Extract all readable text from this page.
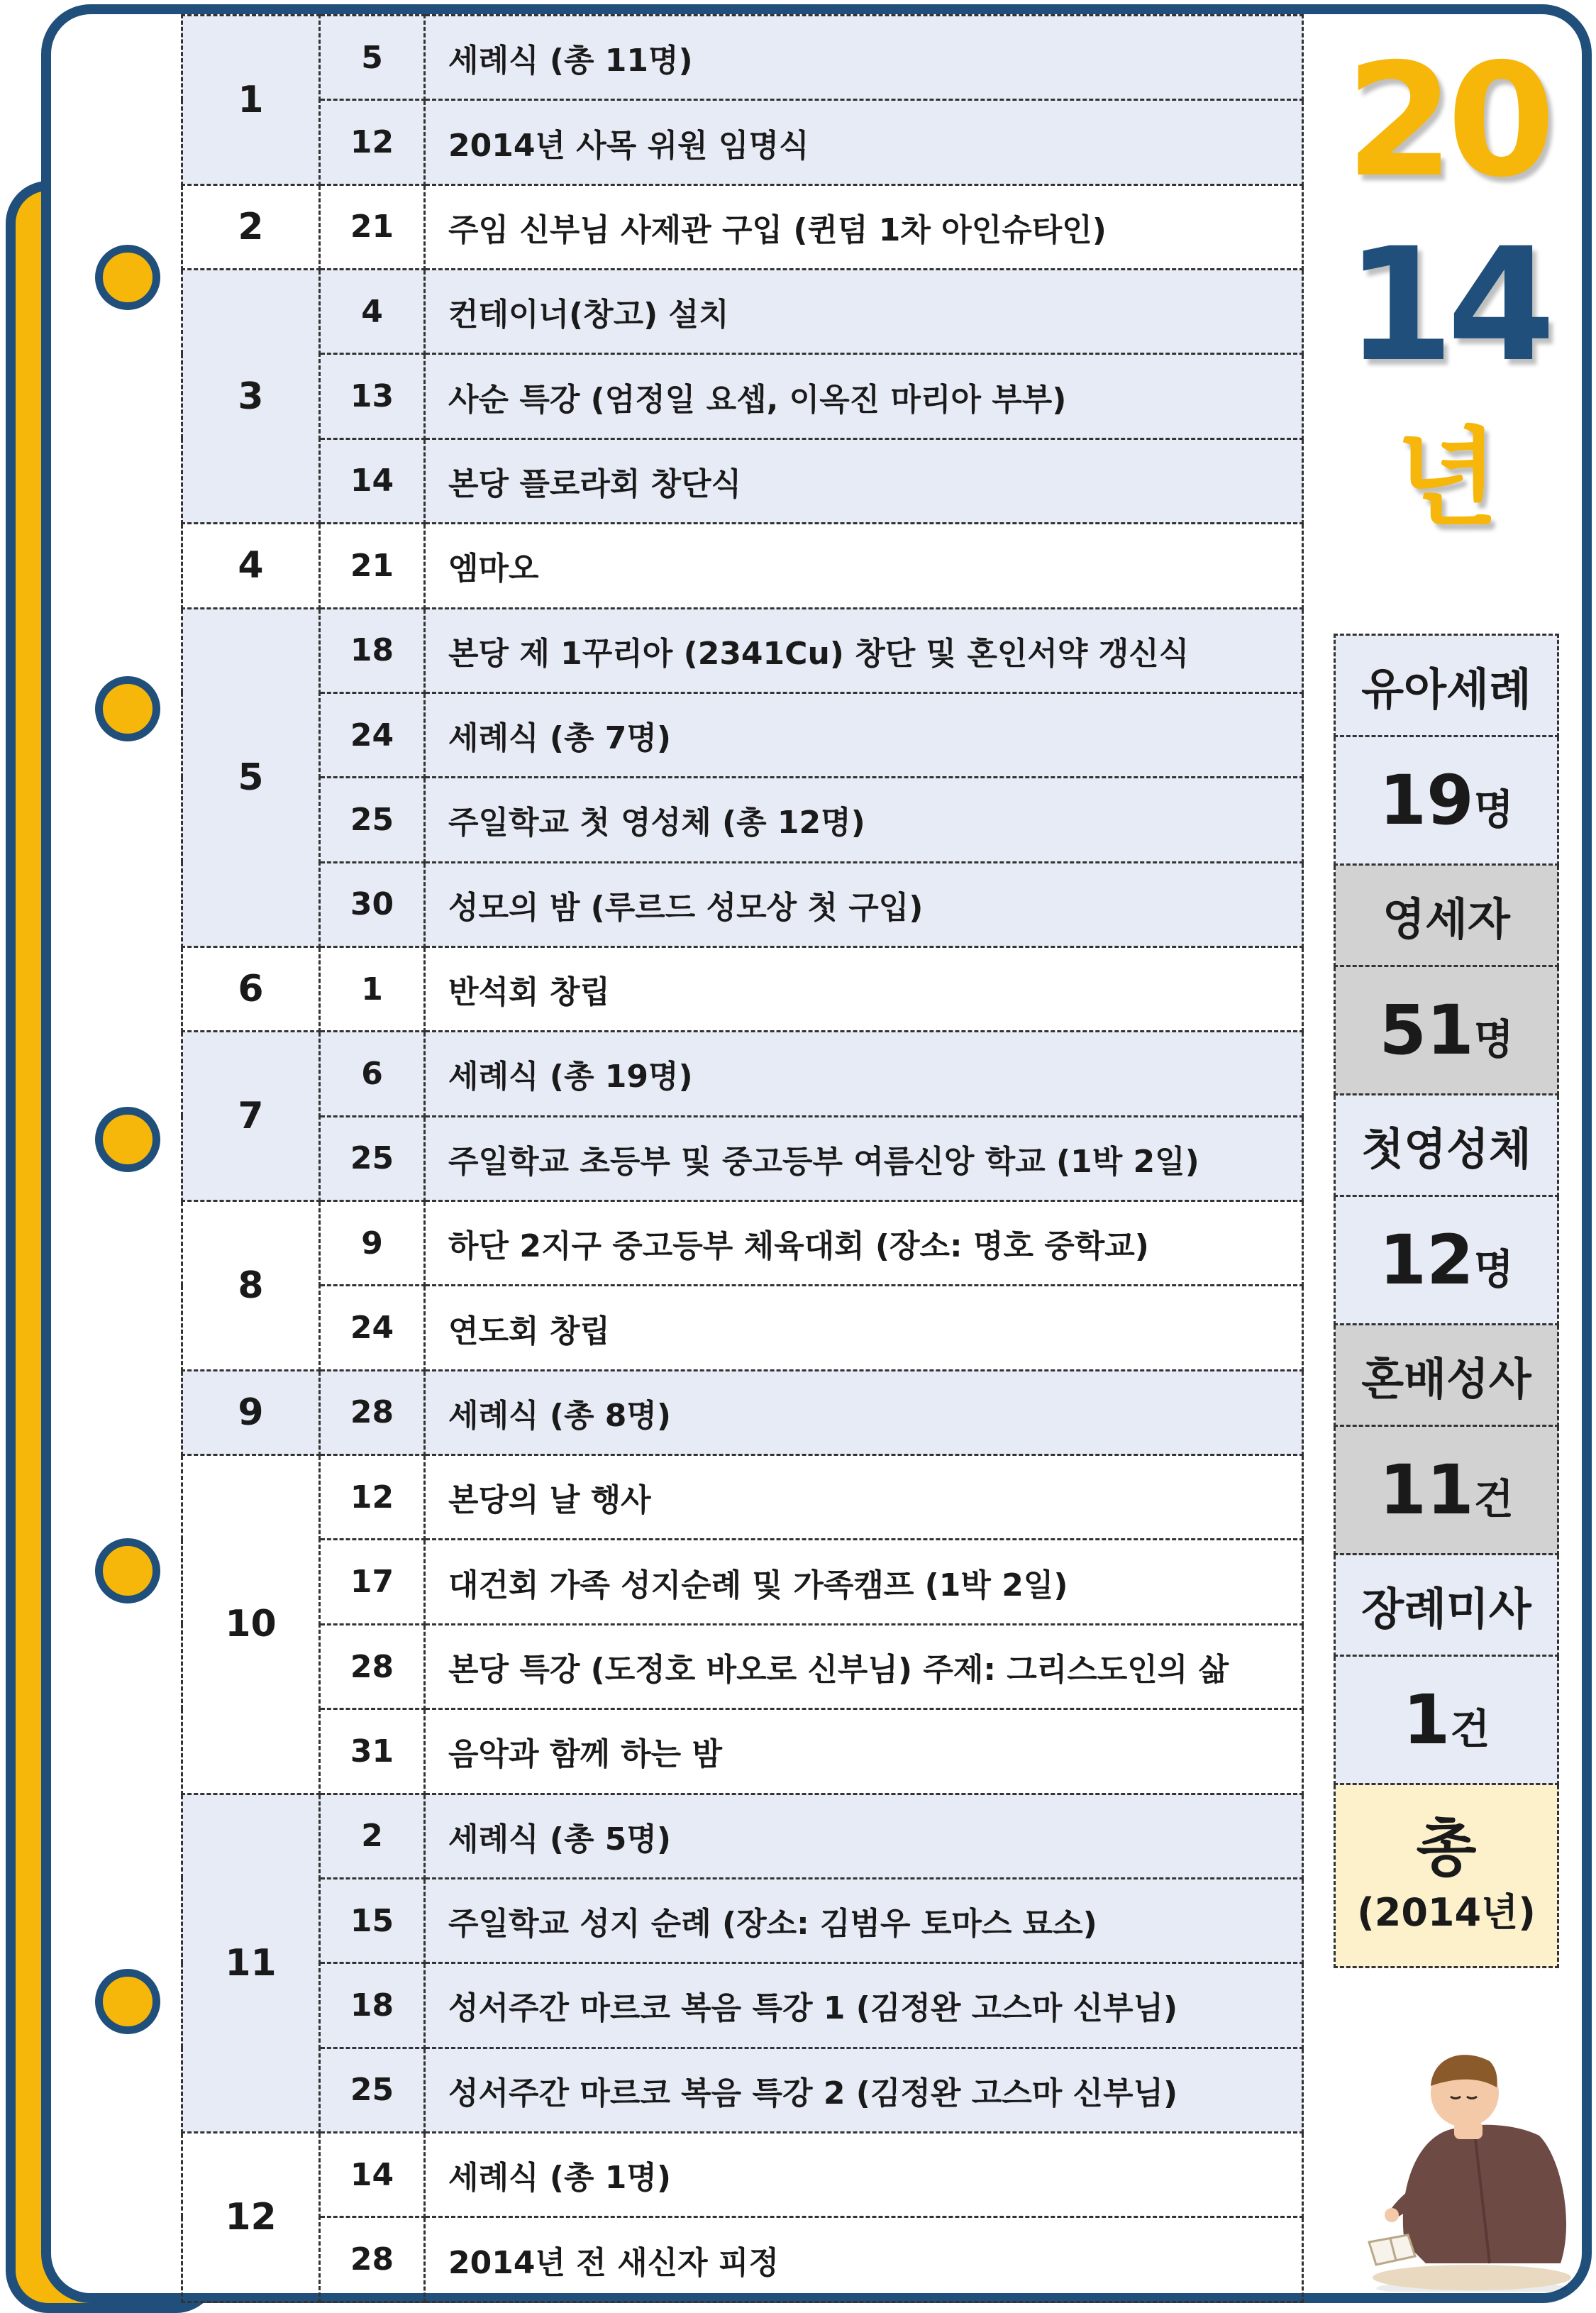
1	5	세례식 (총 11명)
	12	2014년 사목 위원 임명식
2	21	주임 신부님 사제관 구입 (퀸덤 1차 아인슈타인)
3	4	컨테이너(창고) 설치
	13	사순 특강 (엄정일 요셉, 이옥진 마리아 부부)
	14	본당 플로라회 창단식
4	21	엠마오
5	18	본당 제 1꾸리아 (2341Cu) 창단 및 혼인서약 갱신식
	24	세례식 (총 7명)
	25	주일학교 첫 영성체 (총 12명)
	30	성모의 밤 (루르드 성모상 첫 구입)
6	1	반석회 창립
7	6	세례식 (총 19명)
	25	주일학교 초등부 및 중고등부 여름신앙 학교 (1박 2일)
8	9	하단 2지구 중고등부 체육대회 (장소: 명호 중학교)
	24	연도회 창립
9	28	세례식 (총 8명)
10	12	본당의 날 행사
	17	대건회 가족 성지순례 및 가족캠프 (1박 2일)
	28	본당 특강 (도정호 바오로 신부님) 주제: 그리스도인의 삶
	31	음악과 함께 하는 밤
11	2	세례식 (총 5명)
	15	주일학교 성지 순례 (장소: 김범우 토마스 묘소)
	18	성서주간 마르코 복음 특강 1 (김정완 고스마 신부님)
	25	성서주간 마르코 복음 특강 2 (김정완 고스마 신부님)
12	14	세례식 (총 1명)
	28	2014년 전 새신자 피정
20
14
년
유아세례
19명
영세자
51명
첫영성체
12명
혼배성사
11건
장례미사
1건

총
(2014년)
